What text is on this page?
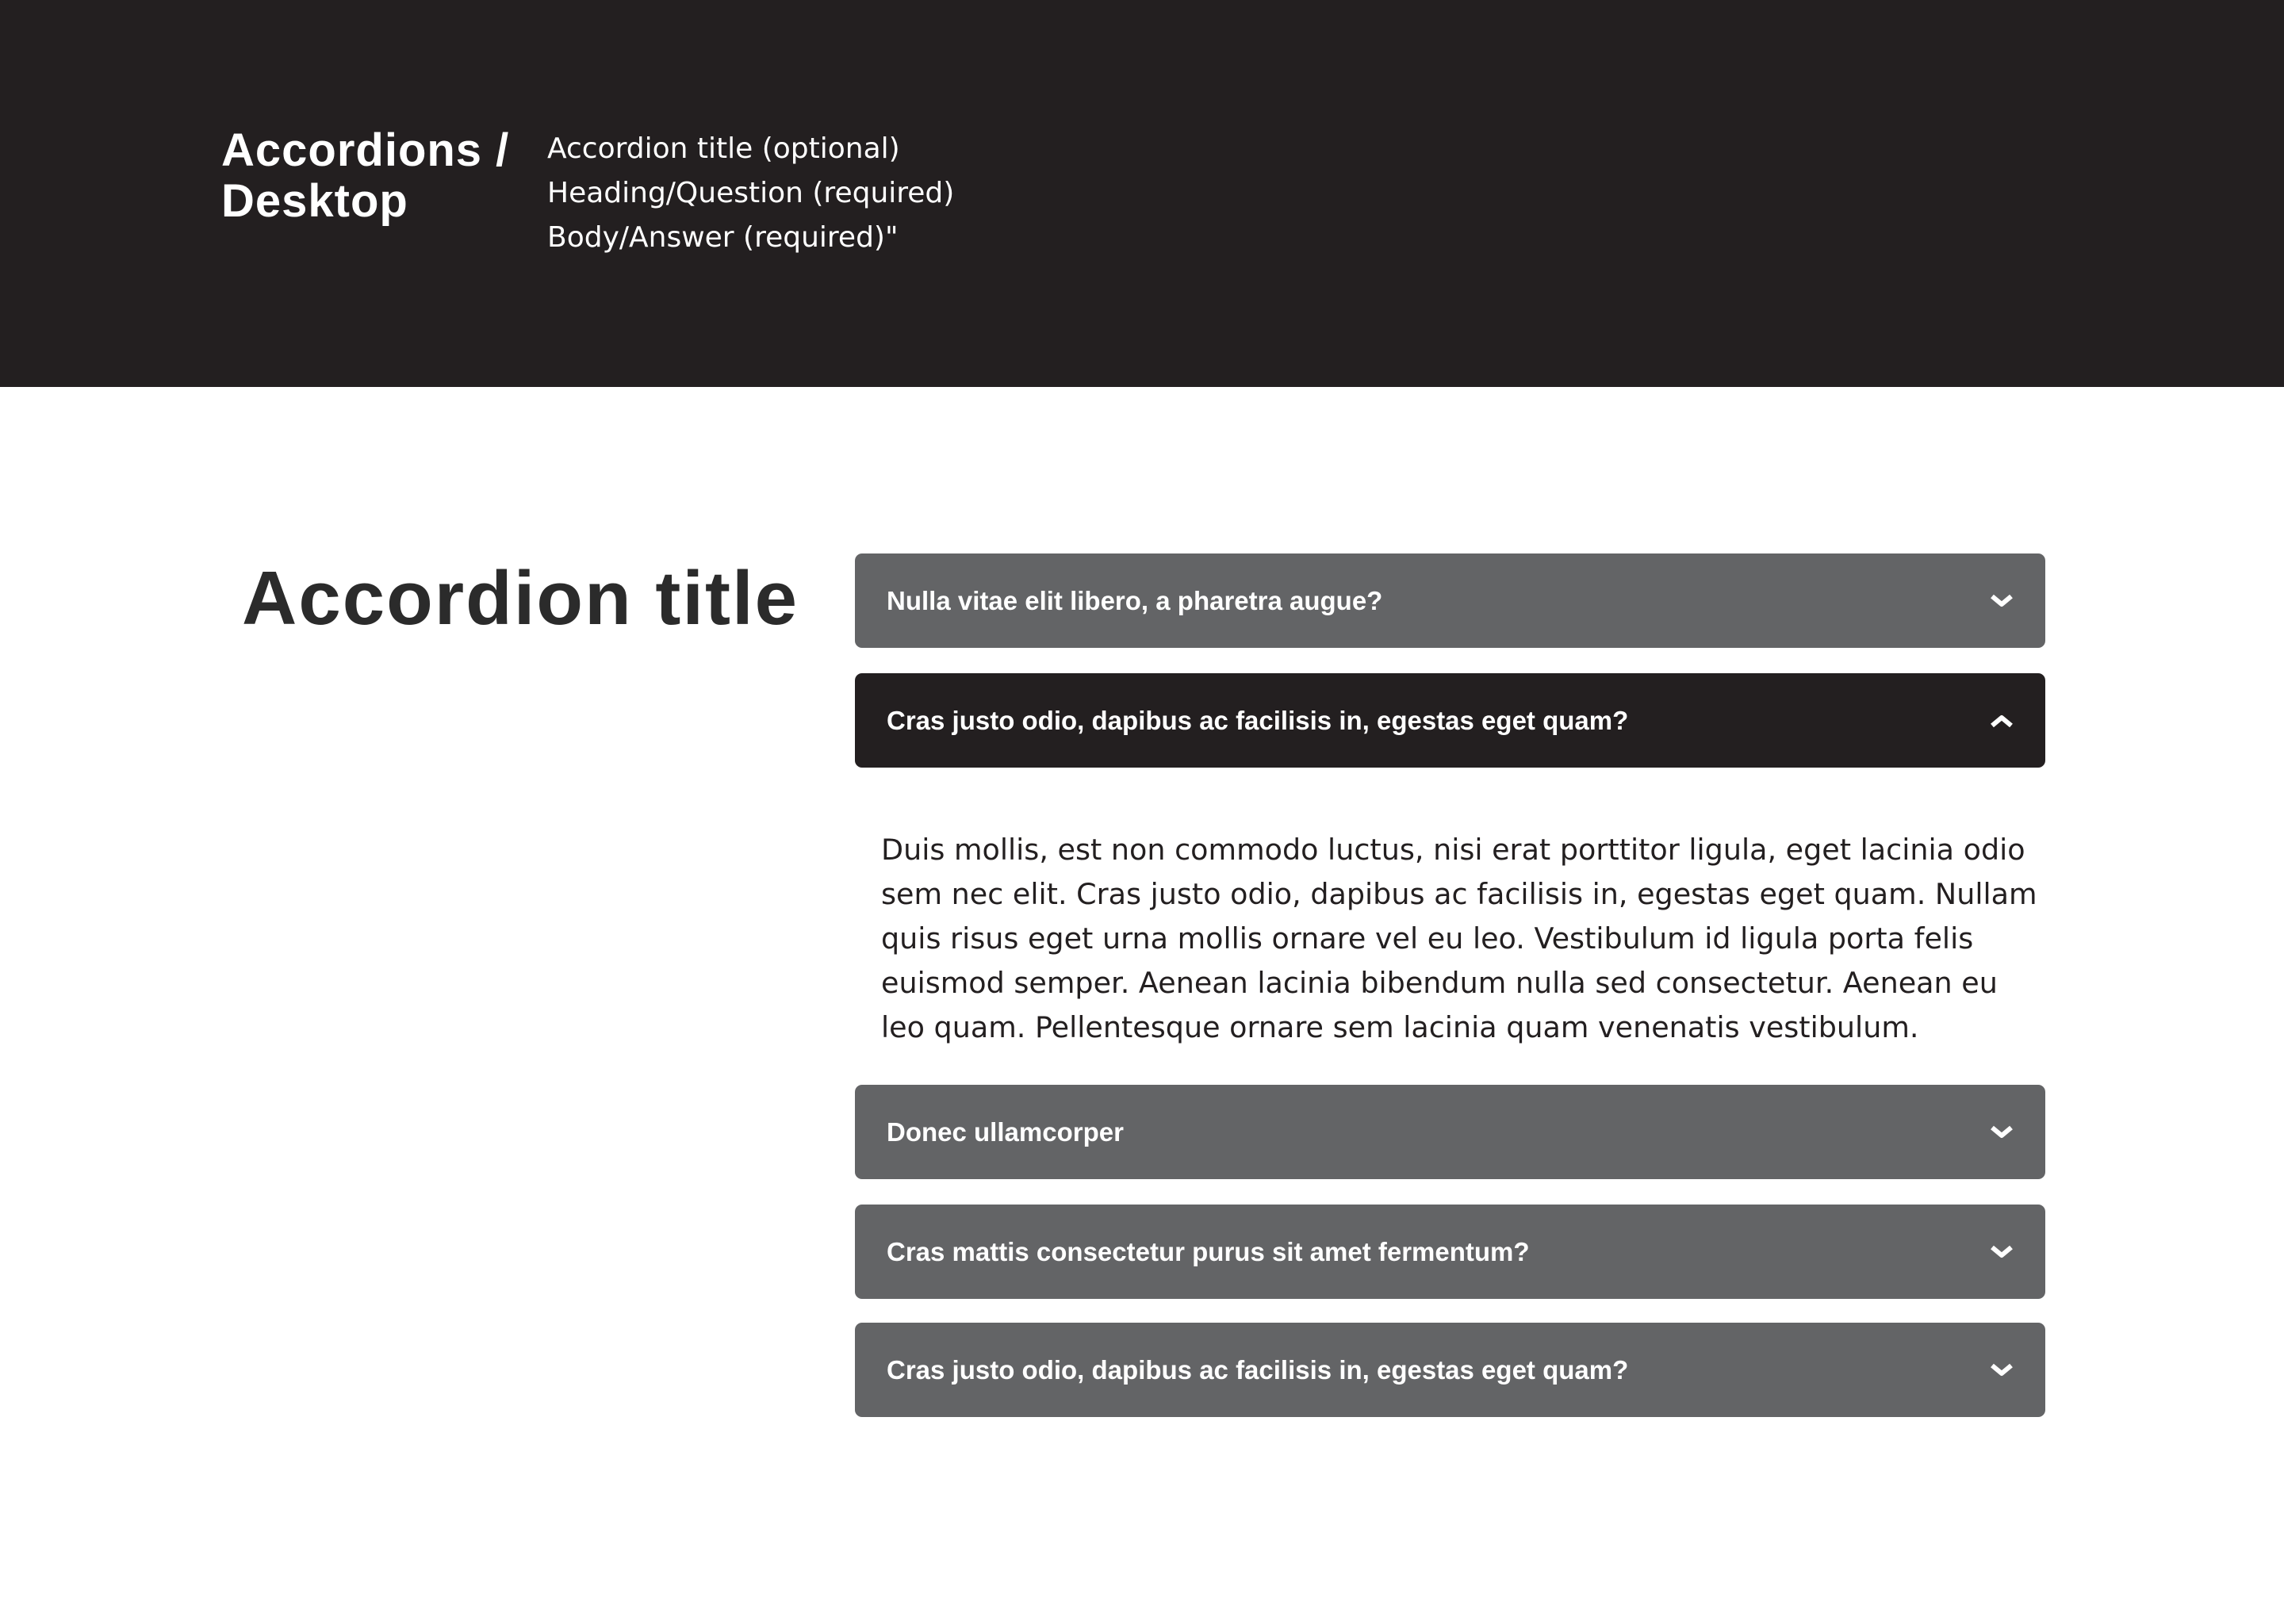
Accordions /
Desktop
Accordion title (optional)
Heading/Question (required)
Body/Answer (required)"
Accordion title	Nulla vitae elit libero, a pharetra augue?
Cras justo odio, dapibus ac facilisis in, egestas eget quam?
Duis mollis, est non commodo luctus, nisi erat porttitor ligula, eget lacinia odio sem nec elit. Cras justo odio, dapibus ac facilisis in, egestas eget quam. Nullam quis risus eget urna mollis ornare vel eu leo. Vestibulum id ligula porta felis euismod semper. Aenean lacinia bibendum nulla sed consectetur. Aenean eu leo quam. Pellentesque ornare sem lacinia quam venenatis vestibulum.
Donec ullamcorper
Cras mattis consectetur purus sit amet fermentum?
Cras justo odio, dapibus ac facilisis in, egestas eget quam?
